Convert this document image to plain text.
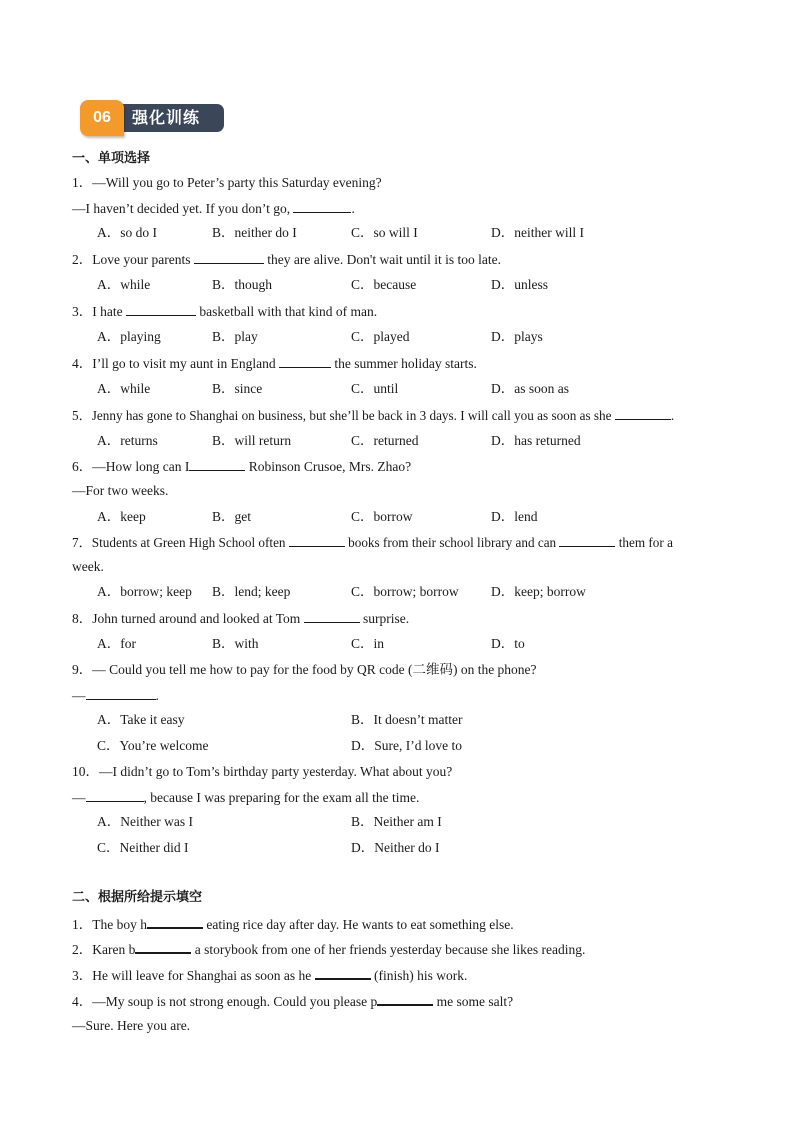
06	强化训练
一、单项选择
1．—Will you go to Peter’s party this Saturday evening?
—I haven’t decided yet. If you don’t go,	.
A．so do I	B．neither do I	C．so will I	D．neither will I
2．Love your parents	they are alive. Don't wait until it is too late.
A．while	B．though	C．because	D．unless
3．I hate	basketball with that kind of man.
A．playing	B．play	C．played	D．plays
4．I’ll go to visit my aunt in England	the summer holiday starts.
A．while	B．since	C．until	D．as soon as
5．Jenny has gone to Shanghai on business, but she’ll be back in 3 days. I will call you as soon as she	.
A．returns	B．will return	C．returned	D．has returned
6．—How long can I	Robinson Crusoe, Mrs. Zhao?
—For two weeks.
A．keep	B．get	C．borrow	D．lend
7．Students at Green High School often	books from their school library and can	them for a
week.
A．borrow; keep B．lend; keep	C．borrow; borrow D．keep; borrow
8．John turned around and looked at Tom	surprise.
A．for	B．with	C．in	D．to
9．— Could you tell me how to pay for the food by QR code (二维码) on the phone?
—	.
A．Take it easy	B．It doesn’t matter
C．You’re welcome	D．Sure, I’d love to
10．—I didn’t go to Tom’s birthday party yesterday. What about you?
—	, because I was preparing for the exam all the time.
A．Neither was I	B．Neither am I
C．Neither did I	D．Neither do I
二、根据所给提示填空
1．The boy h	eating rice day after day. He wants to eat something else.
2．Karen b	a storybook from one of her friends yesterday because she likes reading.
3．He will leave for Shanghai as soon as he	(finish) his work.
4．—My soup is not strong enough. Could you please p	me some salt?
—Sure. Here you are.
